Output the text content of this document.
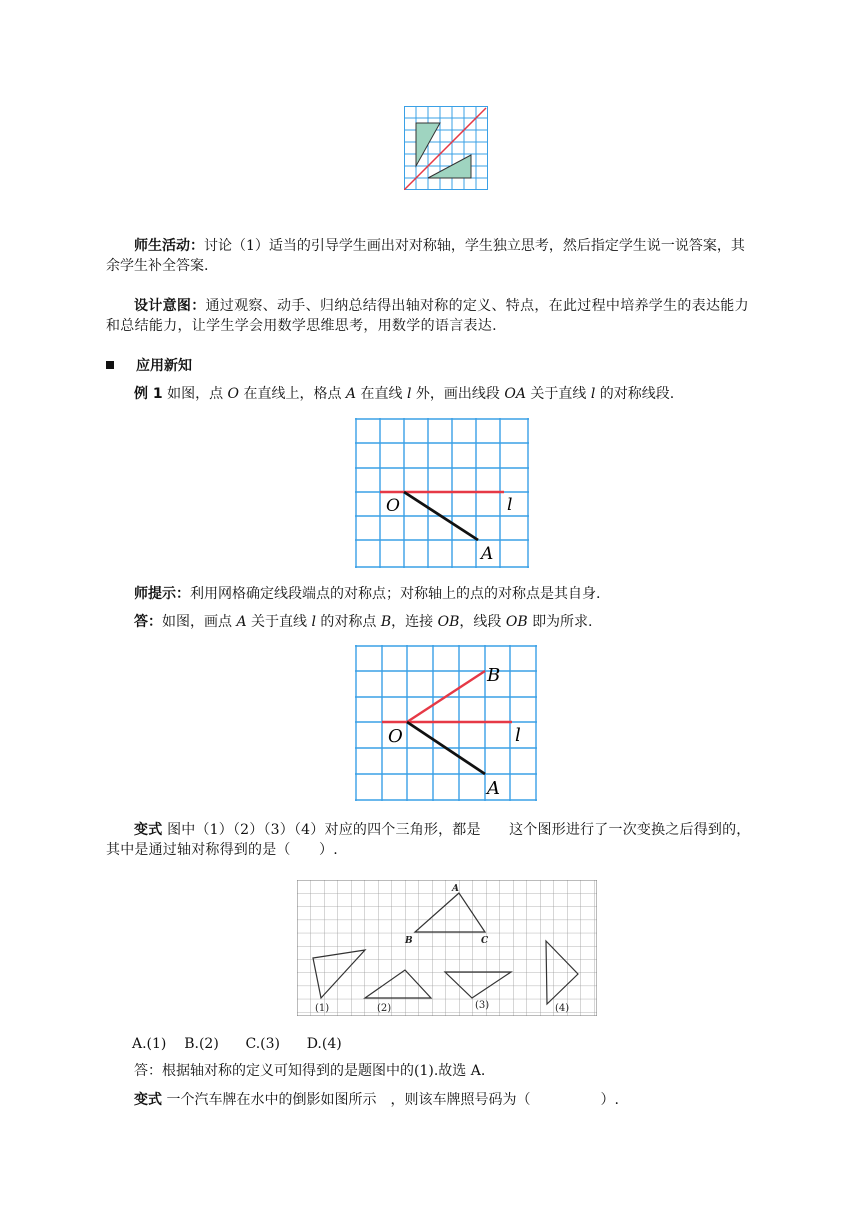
师生活动：讨论（1）适当的引导学生画出对对称轴，学生独立思考，然后指定学生说一说答案，其余学生补全答案.

设计意图：通过观察、动手、归纳总结得出轴对称的定义、特点，在此过程中培养学生的表达能力和总结能力，让学生学会用数学思维思考，用数学的语言表达.

应用新知

例 1 如图，点 O 在直线上，格点 A 在直线 l 外，画出线段 OA 关于直线 l 的对称线段.

O	l
A

师提示：利用网格确定线段端点的对称点；对称轴上的点的对称点是其自身.

答：如图，画点 A 关于直线 l 的对称点 B，连接 OB，线段 OB 即为所求.

O	l
A
B

变式 图中（1）（2）（3）（4）对应的四个三角形，都是　　这个图形进行了一次变换之后得到的，其中是通过轴对称得到的是（　　）.

A
B	C
(1)	(2)	(3)	(4)

A.(1) B.(2) C.(3) D.(4)

答：根据轴对称的定义可知得到的是题图中的(1).故选 A.

变式 一个汽车牌在水中的倒影如图所示　，则该车牌照号码为（　　　　　）.
